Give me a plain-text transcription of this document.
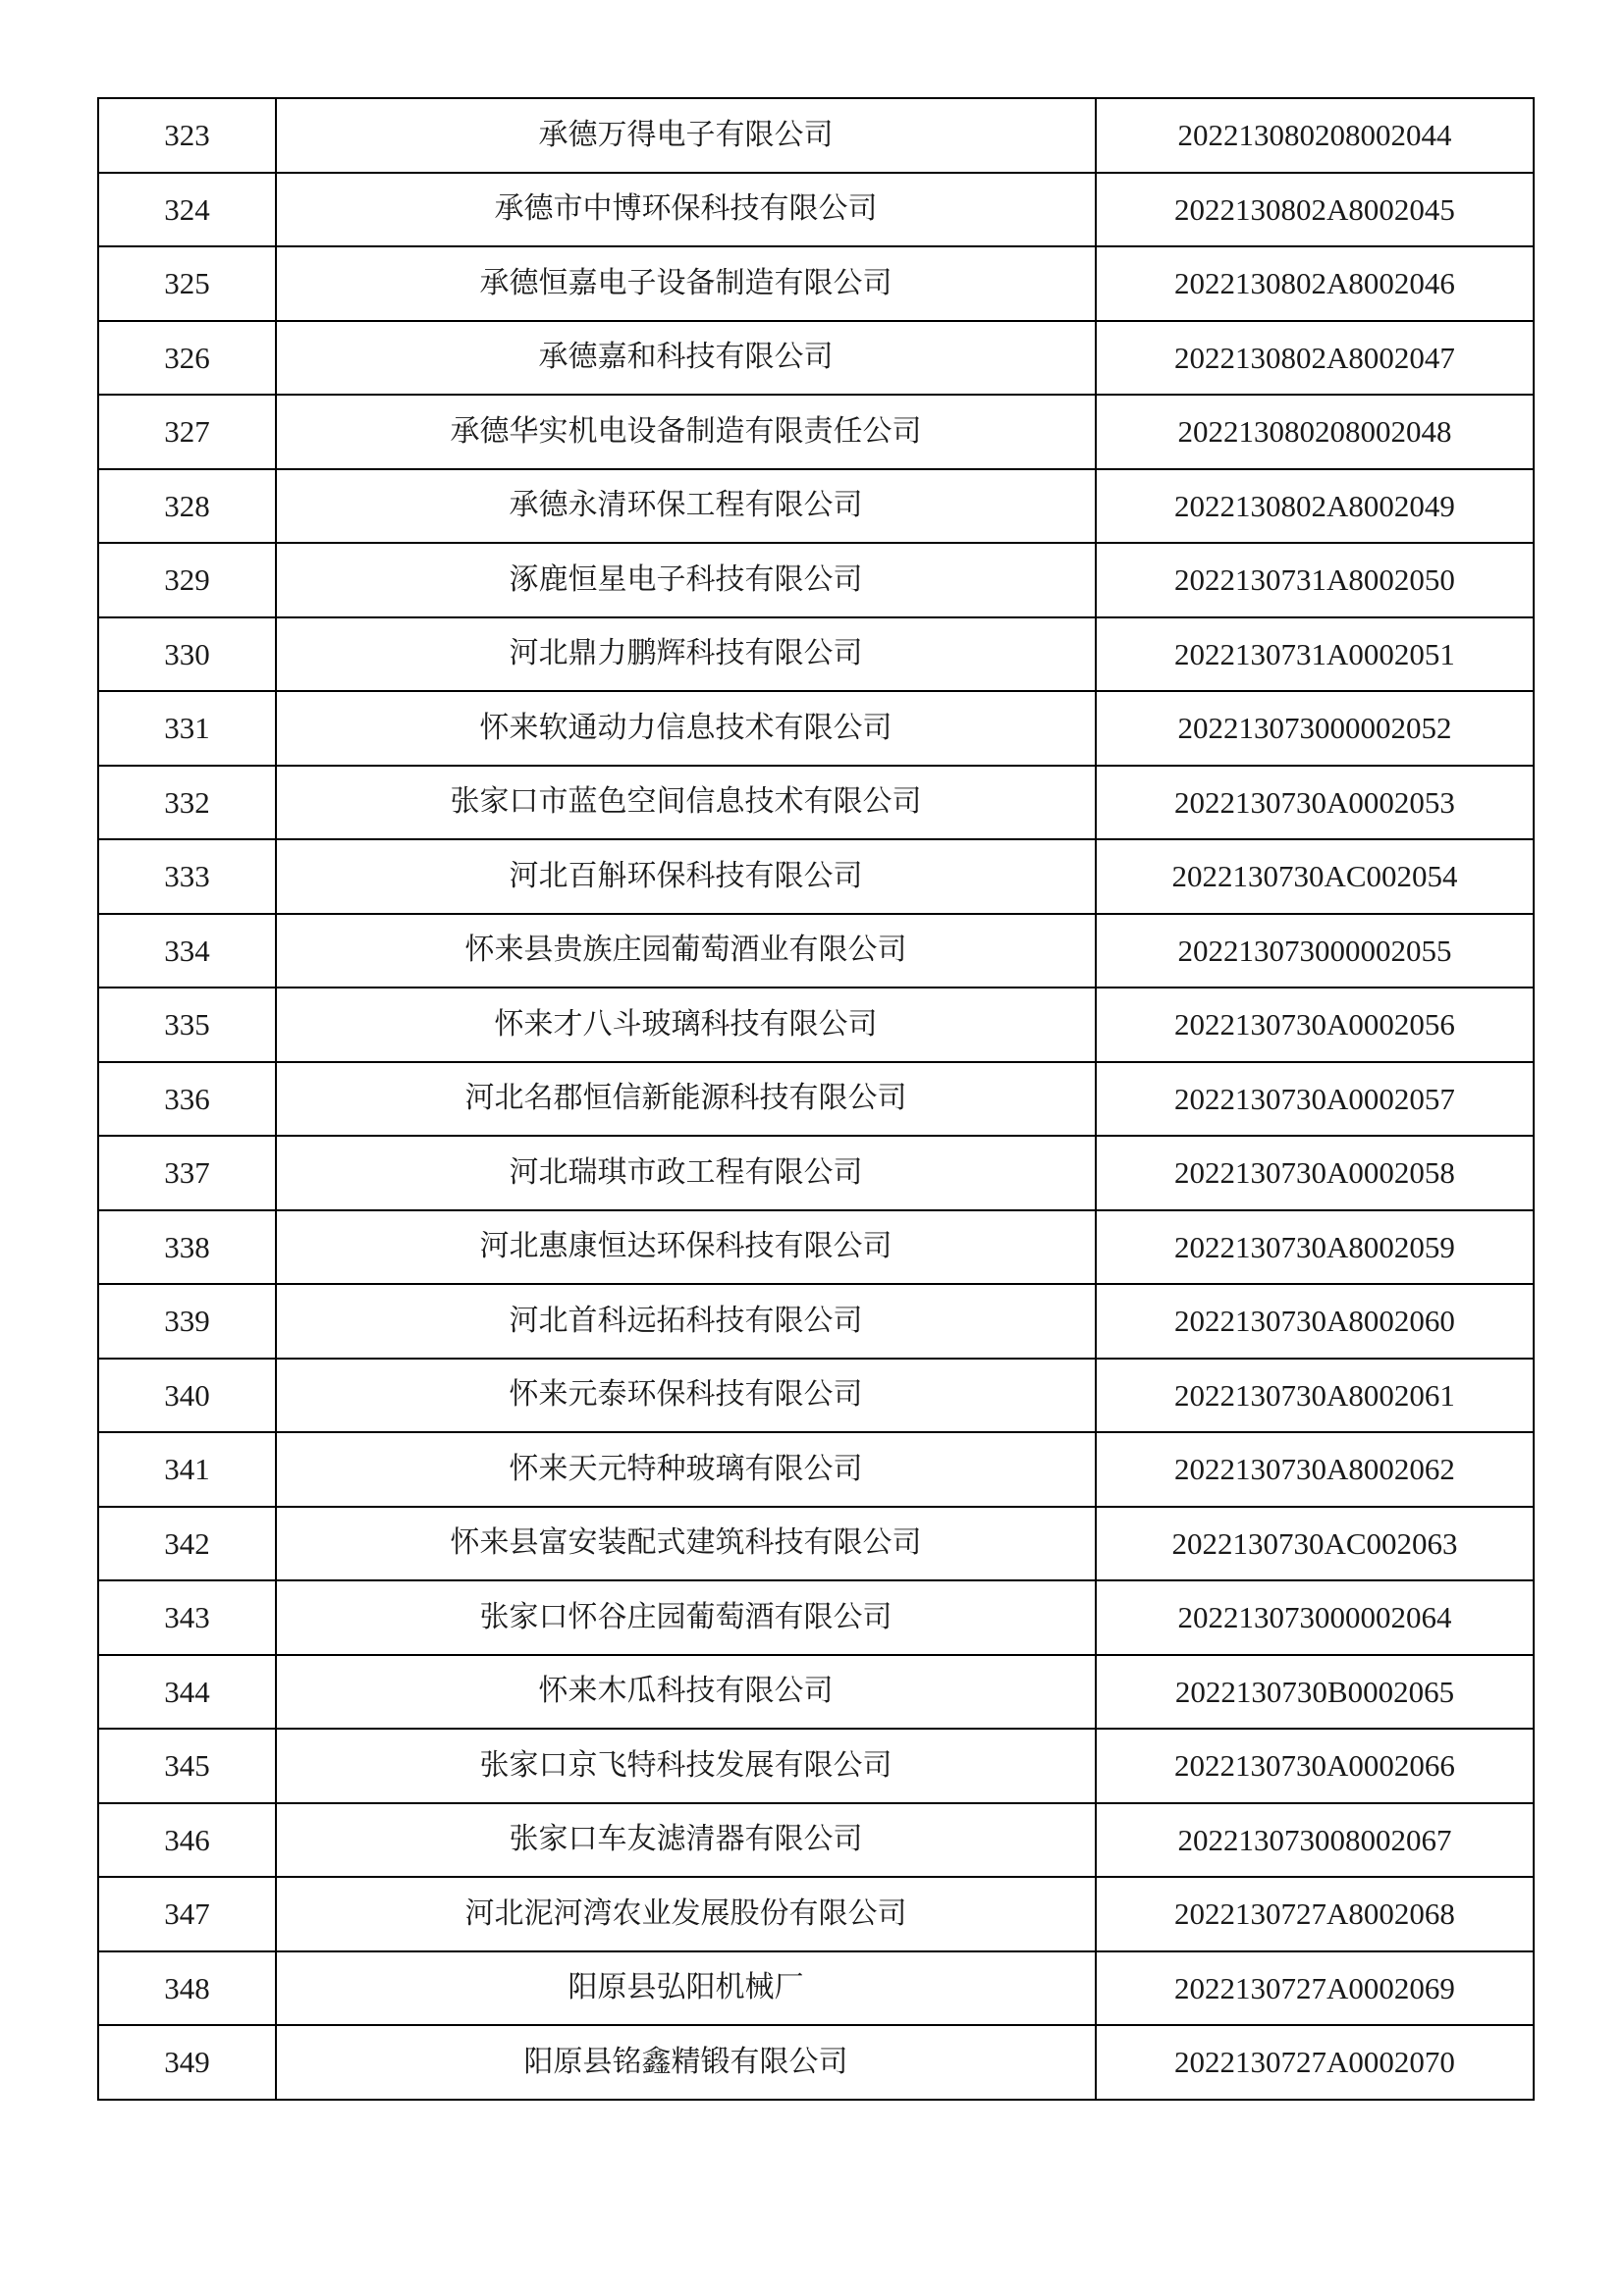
323	承德万得电子有限公司	202213080208002044
324	承德市中博环保科技有限公司	2022130802A8002045
325	承德恒嘉电子设备制造有限公司	2022130802A8002046
326	承德嘉和科技有限公司	2022130802A8002047
327	承德华实机电设备制造有限责任公司	202213080208002048
328	承德永清环保工程有限公司	2022130802A8002049
329	涿鹿恒星电子科技有限公司	2022130731A8002050
330	河北鼎力鹏辉科技有限公司	2022130731A0002051
331	怀来软通动力信息技术有限公司	202213073000002052
332	张家口市蓝色空间信息技术有限公司	2022130730A0002053
333	河北百斛环保科技有限公司	2022130730AC002054
334	怀来县贵族庄园葡萄酒业有限公司	202213073000002055
335	怀来才八斗玻璃科技有限公司	2022130730A0002056
336	河北名郡恒信新能源科技有限公司	2022130730A0002057
337	河北瑞琪市政工程有限公司	2022130730A0002058
338	河北惠康恒达环保科技有限公司	2022130730A8002059
339	河北首科远拓科技有限公司	2022130730A8002060
340	怀来元泰环保科技有限公司	2022130730A8002061
341	怀来天元特种玻璃有限公司	2022130730A8002062
342	怀来县富安装配式建筑科技有限公司	2022130730AC002063
343	张家口怀谷庄园葡萄酒有限公司	202213073000002064
344	怀来木瓜科技有限公司	2022130730B0002065
345	张家口京飞特科技发展有限公司	2022130730A0002066
346	张家口车友滤清器有限公司	202213073008002067
347	河北泥河湾农业发展股份有限公司	2022130727A8002068
348	阳原县弘阳机械厂	2022130727A0002069
349	阳原县铭鑫精锻有限公司	2022130727A0002070
